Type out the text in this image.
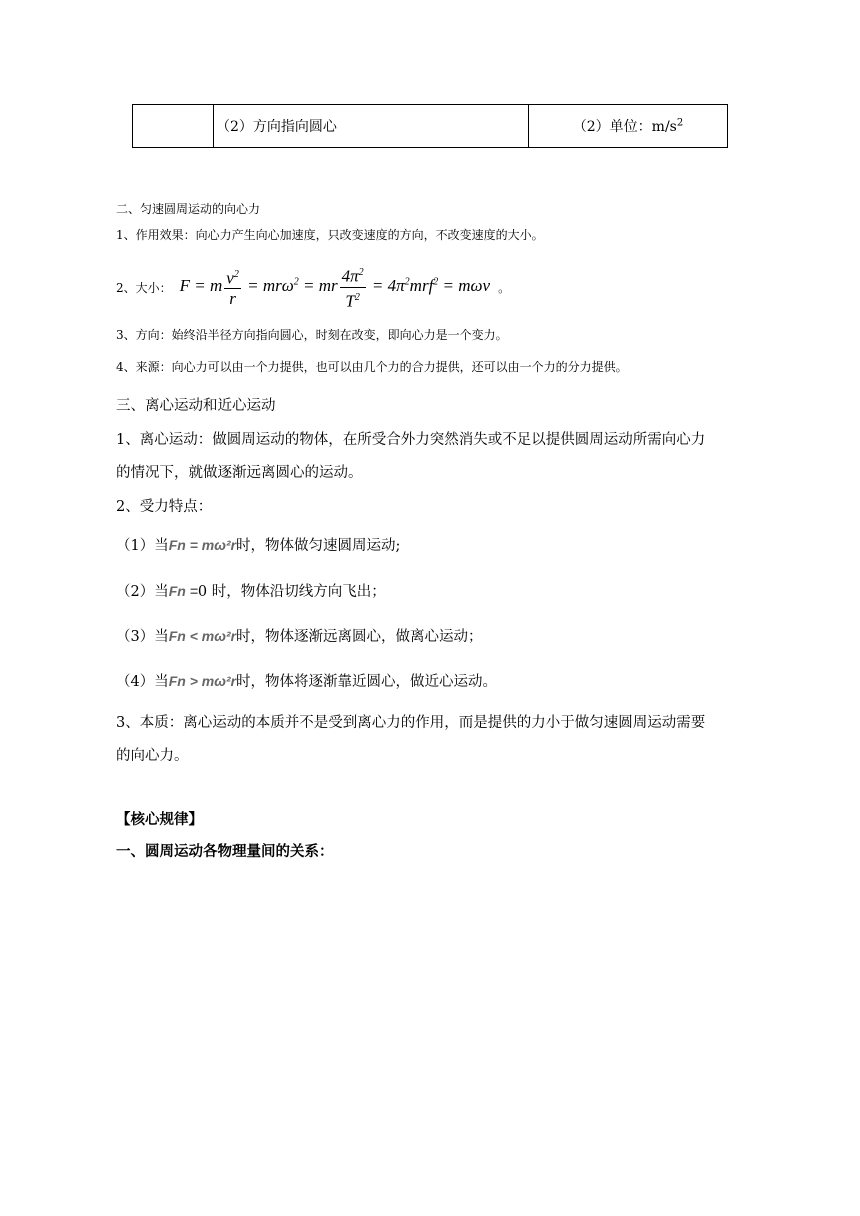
	（2）方向指向圆心	（2）单位：$m/s^2$
二、匀速圆周运动的向心力
1、作用效果：向心力产生向心加速度，只改变速度的方向，不改变速度的大小。
2、大小： F = m $\frac{v^2}{r} = mr\omega^2$ = mr $\frac{4\pi^2}{T^2} = 4\pi^2mrf^2 = m\omega v$ 。
3、方向：始终沿半径方向指向圆心，时刻在改变，即向心力是一个变力。
4、来源：向心力可以由一个力提供，也可以由几个力的合力提供，还可以由一个力的分力提供。
三、离心运动和近心运动
1、离心运动：做圆周运动的物体，在所受合外力突然消失或不足以提供圆周运动所需向心力
的情况下，就做逐渐远离圆心的运动。
2、受力特点：
（1）当Fn = mω²r时，物体做匀速圆周运动;
（2）当Fn =0 时，物体沿切线方向飞出；
（3）当Fn < mω²r时，物体逐渐远离圆心，做离心运动；
（4）当Fn > mω²r时，物体将逐渐靠近圆心，做近心运动。
3、本质：离心运动的本质并不是受到离心力的作用，而是提供的力小于做匀速圆周运动需要
的向心力。
【核心规律】
一、圆周运动各物理量间的关系：
